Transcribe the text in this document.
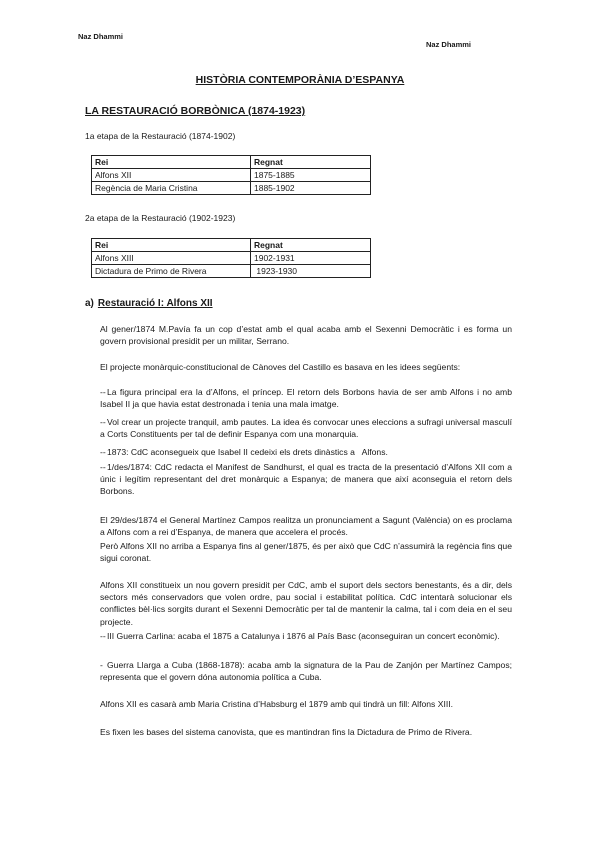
Naz Dhammi
Naz Dhammi
HISTÒRIA CONTEMPORÀNIA D’ESPANYA
LA RESTAURACIÓ BORBÒNICA (1874-1923)
1a etapa de la Restauració (1874-1902)
Rei	Regnat
Alfons XII	1875-1885
Regència de Maria Cristina	1885-1902
2a etapa de la Restauració (1902-1923)
Rei	Regnat
Alfons XIII	1902-1931
Dictadura de Primo de Rivera	1923-1930
a) Restauració I: Alfons XII
Al gener/1874 M.Pavía fa un cop d’estat amb el qual acaba amb el Sexenni Democràtic i es forma un govern provisional presidit per un militar, Serrano.
El projecte monàrquic-constitucional de Cànoves del Castillo es basava en les idees següents:
--La figura principal era la d’Alfons, el príncep. El retorn dels Borbons havia de ser amb Alfons i no amb Isabel II ja que havia estat destronada i tenia una mala imatge.
--Vol crear un projecte tranquil, amb pautes. La idea és convocar unes eleccions a sufragi universal masculí a Corts Constituents per tal de definir Espanya com una monarquia.
--1873: CdC aconsegueix que Isabel II cedeixi els drets dinàstics a   Alfons.
--1/des/1874: CdC redacta el Manifest de Sandhurst, el qual es tracta de la presentació d’Alfons XII com a únic i legítim representant del dret monàrquic a Espanya; de manera que així aconseguia el retorn dels Borbons.
El 29/des/1874 el General Martínez Campos realitza un pronunciament a Sagunt (València) on es proclama a Alfons com a rei d’Espanya, de manera que accelera el procés.
Però Alfons XII no arriba a Espanya fins al gener/1875, és per això que CdC n’assumirà la regència fins que sigui coronat.
Alfons XII constitueix un nou govern presidit per CdC, amb el suport dels sectors benestants, és a dir, dels sectors més conservadors que volen ordre, pau social i estabilitat política. CdC intentarà solucionar els conflictes bèl·lics sorgits durant el Sexenni Democràtic per tal de mantenir la calma, tal i com deia en el seu projecte.
--III Guerra Carlina: acaba el 1875 a Catalunya i 1876 al País Basc (aconseguiran un concert econòmic).
- Guerra Llarga a Cuba (1868-1878): acaba amb la signatura de la Pau de Zanjón per Martínez Campos; representa que el govern dóna autonomia política a Cuba.
Alfons XII es casarà amb Maria Cristina d’Habsburg el 1879 amb qui tindrà un fill: Alfons XIII.
Es fixen les bases del sistema canovista, que es mantindran fins la Dictadura de Primo de Rivera.
